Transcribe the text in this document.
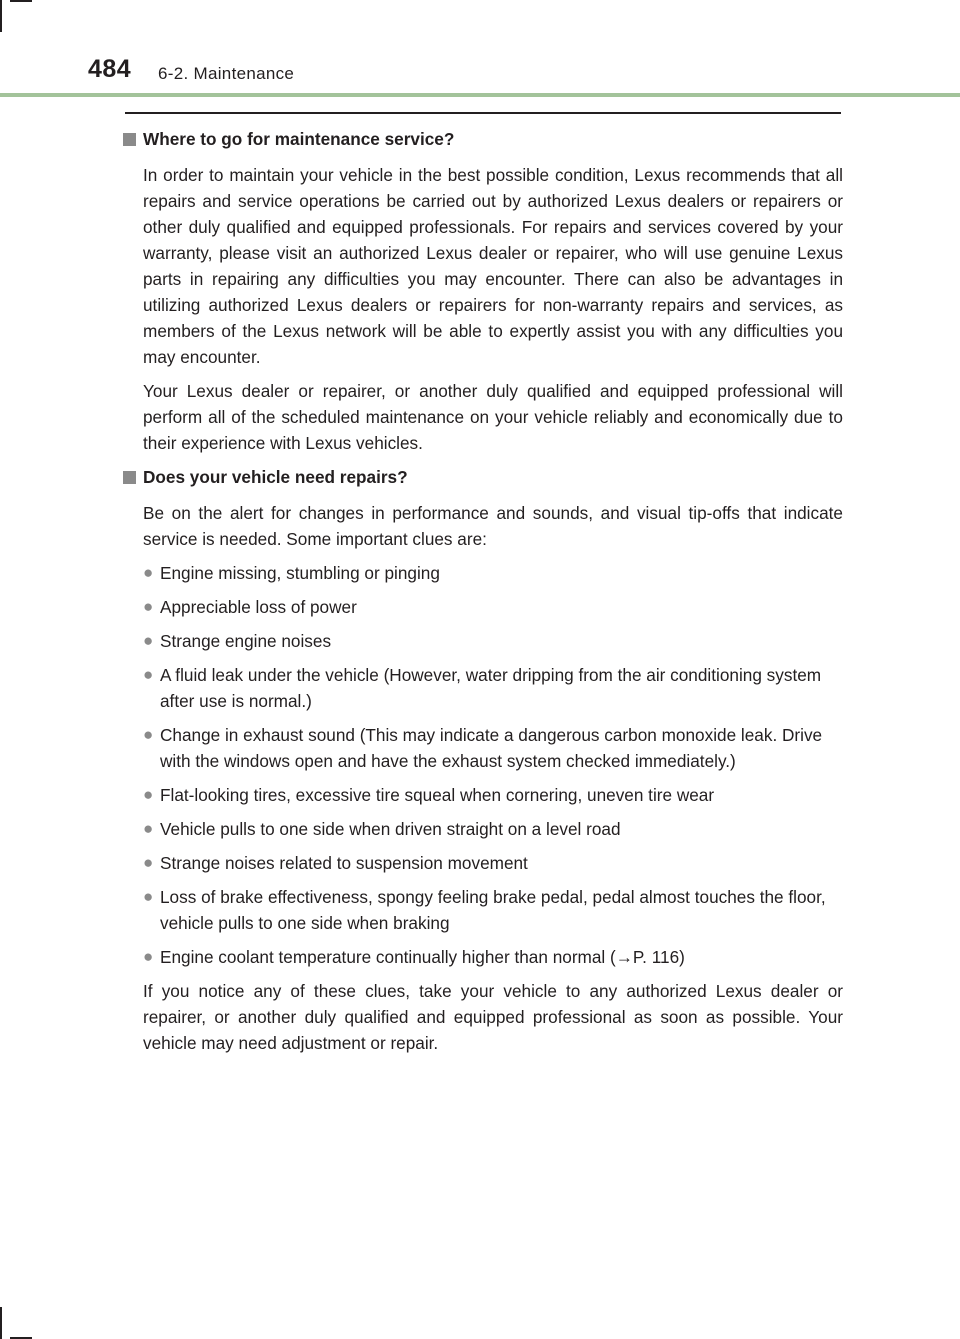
484 6-2. Maintenance
Where to go for maintenance service?

In order to maintain your vehicle in the best possible condition, Lexus recommends that all repairs and service operations be carried out by authorized Lexus dealers or repairers or other duly qualified and equipped professionals. For repairs and services covered by your warranty, please visit an authorized Lexus dealer or repairer, who will use genuine Lexus parts in repairing any difficulties you may encounter. There can also be advantages in utilizing authorized Lexus dealers or repairers for non-warranty repairs and services, as members of the Lexus network will be able to expertly assist you with any difficulties you may encounter.

Your Lexus dealer or repairer, or another duly qualified and equipped professional will perform all of the scheduled maintenance on your vehicle reliably and economically due to their experience with Lexus vehicles.

Does your vehicle need repairs?

Be on the alert for changes in performance and sounds, and visual tip-offs that indicate service is needed. Some important clues are:

● Engine missing, stumbling or pinging
● Appreciable loss of power
● Strange engine noises
● A fluid leak under the vehicle (However, water dripping from the air conditioning system after use is normal.)
● Change in exhaust sound (This may indicate a dangerous carbon monoxide leak. Drive with the windows open and have the exhaust system checked immediately.)
● Flat-looking tires, excessive tire squeal when cornering, uneven tire wear
● Vehicle pulls to one side when driven straight on a level road
● Strange noises related to suspension movement
● Loss of brake effectiveness, spongy feeling brake pedal, pedal almost touches the floor, vehicle pulls to one side when braking
● Engine coolant temperature continually higher than normal (→P. 116)

If you notice any of these clues, take your vehicle to any authorized Lexus dealer or repairer, or another duly qualified and equipped professional as soon as possible. Your vehicle may need adjustment or repair.
